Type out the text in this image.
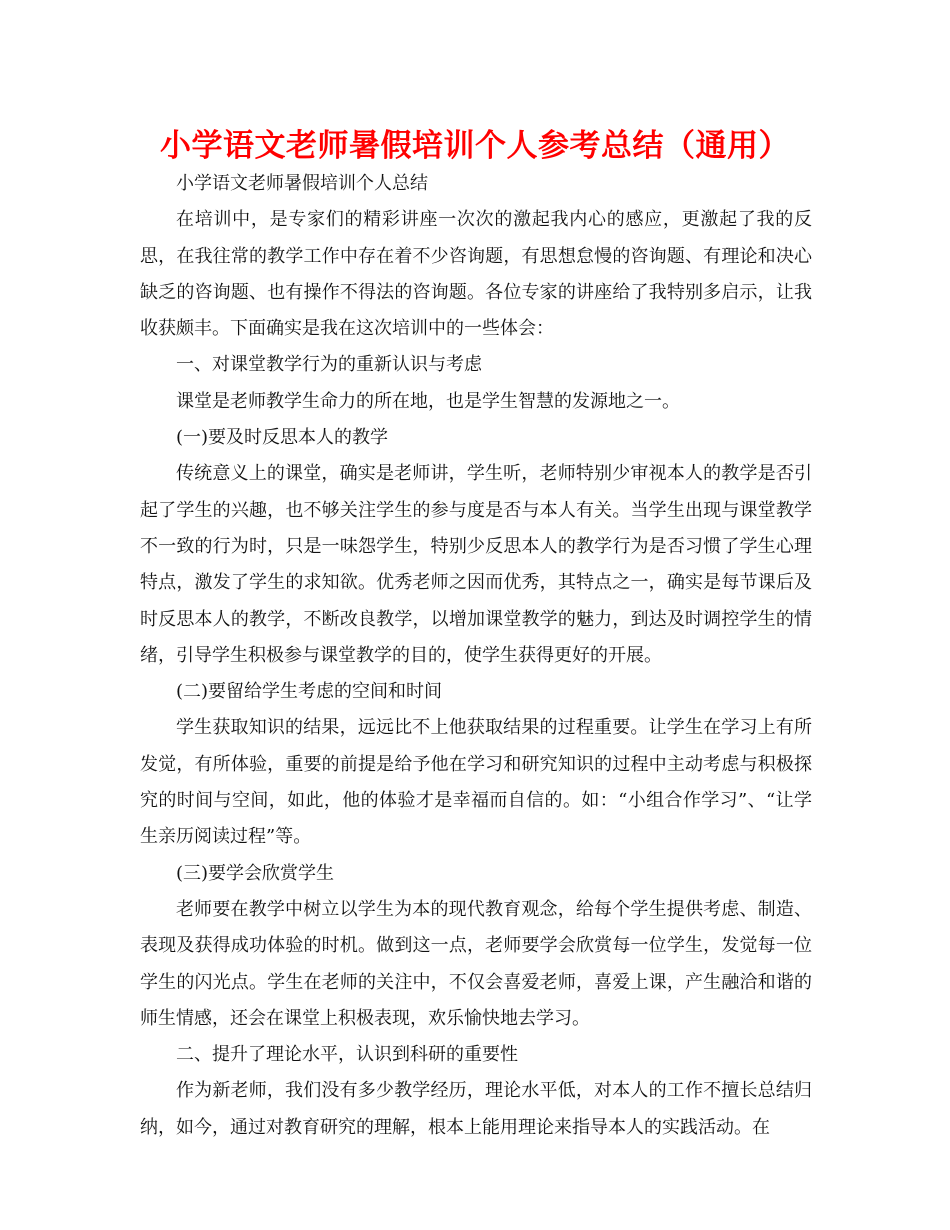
小学语文老师暑假培训个人参考总结（通用）

小学语文老师暑假培训个人总结

在培训中，是专家们的精彩讲座一次次的激起我内心的感应，更激起了我的反思，在我往常的教学工作中存在着不少咨询题，有思想怠慢的咨询题、有理论和决心缺乏的咨询题、也有操作不得法的咨询题。各位专家的讲座给了我特别多启示，让我收获颇丰。下面确实是我在这次培训中的一些体会：

一、对课堂教学行为的重新认识与考虑

课堂是老师教学生命力的所在地，也是学生智慧的发源地之一。

(一)要及时反思本人的教学

传统意义上的课堂，确实是老师讲，学生听，老师特别少审视本人的教学是否引起了学生的兴趣，也不够关注学生的参与度是否与本人有关。当学生出现与课堂教学不一致的行为时，只是一味怨学生，特别少反思本人的教学行为是否习惯了学生心理特点，激发了学生的求知欲。优秀老师之因而优秀，其特点之一，确实是每节课后及时反思本人的教学，不断改良教学，以增加课堂教学的魅力，到达及时调控学生的情绪，引导学生积极参与课堂教学的目的，使学生获得更好的开展。

(二)要留给学生考虑的空间和时间

学生获取知识的结果，远远比不上他获取结果的过程重要。让学生在学习上有所发觉，有所体验，重要的前提是给予他在学习和研究知识的过程中主动考虑与积极探究的时间与空间，如此，他的体验才是幸福而自信的。如：“小组合作学习”、“让学生亲历阅读过程”等。

(三)要学会欣赏学生

老师要在教学中树立以学生为本的现代教育观念，给每个学生提供考虑、制造、表现及获得成功体验的时机。做到这一点，老师要学会欣赏每一位学生，发觉每一位学生的闪光点。学生在老师的关注中，不仅会喜爱老师，喜爱上课，产生融洽和谐的师生情感，还会在课堂上积极表现，欢乐愉快地去学习。

二、提升了理论水平，认识到科研的重要性

作为新老师，我们没有多少教学经历，理论水平低，对本人的工作不擅长总结归纳，如今，通过对教育研究的理解，根本上能用理论来指导本人的实践活动。在
